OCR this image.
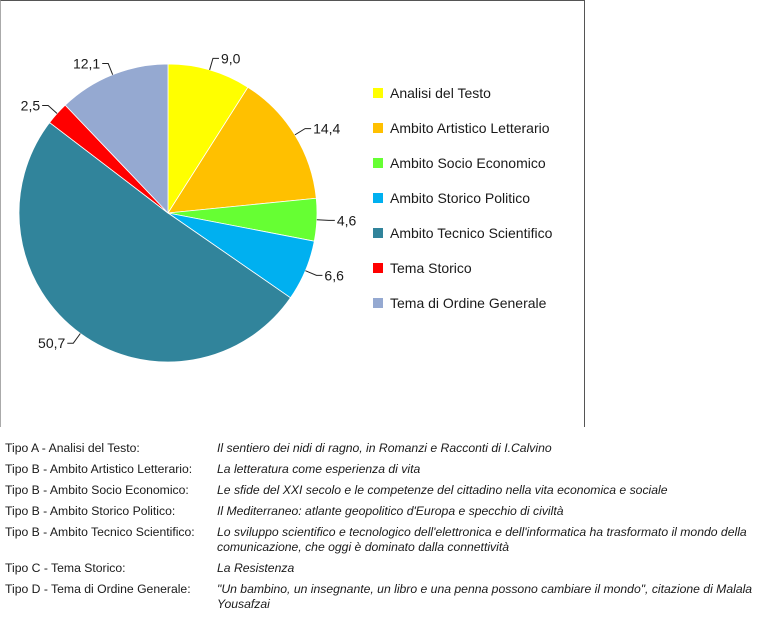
9,0
14,4
4,6
6,6
50,7
2,5
12,1
Analisi del Testo
Ambito Artistico Letterario
Ambito Socio Economico
Ambito Storico Politico
Ambito Tecnico Scientifico
Tema Storico
Tema di Ordine Generale
Tipo A - Analisi del Testo:	Il sentiero dei nidi di ragno, in Romanzi e Racconti di I.Calvino
Tipo B - Ambito Artistico Letterario:	La letteratura come esperienza di vita
Tipo B - Ambito Socio Economico:	Le sfide del XXI secolo e le competenze del cittadino nella vita economica e sociale
Tipo B - Ambito Storico Politico:	Il Mediterraneo: atlante geopolitico d'Europa e specchio di civiltà
Tipo B - Ambito Tecnico Scientifico:	Lo sviluppo scientifico e tecnologico dell'elettronica e dell'informatica ha trasformato il mondo della comunicazione, che oggi è dominato dalla connettività
Tipo C - Tema Storico:	La Resistenza
Tipo D - Tema di Ordine Generale:	"Un bambino, un insegnante, un libro e una penna possono cambiare il mondo", citazione di Malala Yousafzai
